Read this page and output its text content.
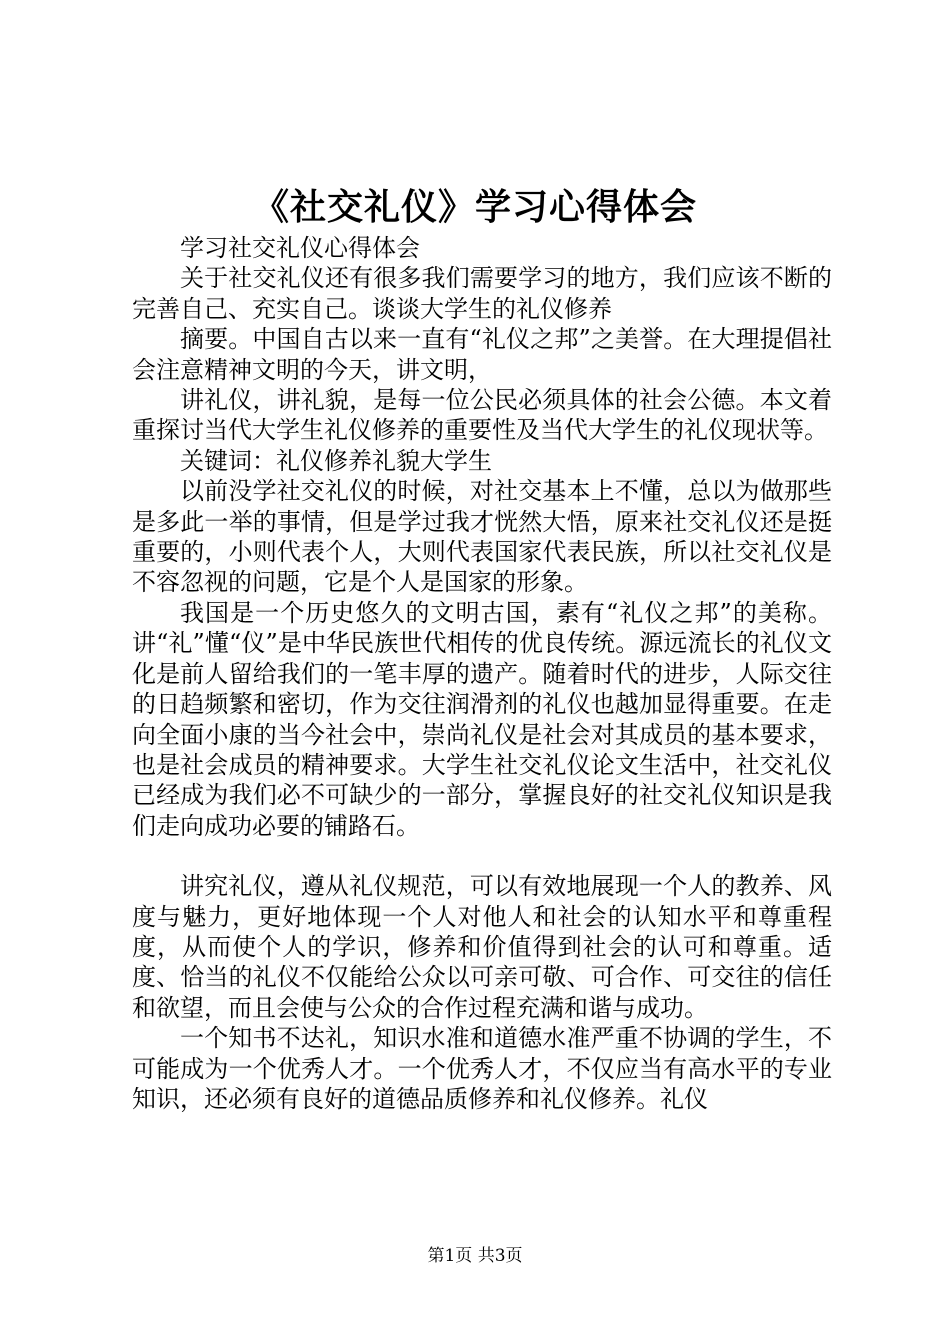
《社交礼仪》学习心得体会

学习社交礼仪心得体会

关于社交礼仪还有很多我们需要学习的地方，我们应该不断的完善自己、充实自己。谈谈大学生的礼仪修养

摘要。中国自古以来一直有“礼仪之邦”之美誉。在大理提倡社会注意精神文明的今天，讲文明，

讲礼仪，讲礼貌，是每一位公民必须具体的社会公德。本文着重探讨当代大学生礼仪修养的重要性及当代大学生的礼仪现状等。

关键词：礼仪修养礼貌大学生

以前没学社交礼仪的时候，对社交基本上不懂，总以为做那些是多此一举的事情，但是学过我才恍然大悟，原来社交礼仪还是挺重要的，小则代表个人，大则代表国家代表民族，所以社交礼仪是不容忽视的问题，它是个人是国家的形象。

我国是一个历史悠久的文明古国，素有“礼仪之邦”的美称。讲“礼”懂“仪”是中华民族世代相传的优良传统。源远流长的礼仪文化是前人留给我们的一笔丰厚的遗产。随着时代的进步，人际交往的日趋频繁和密切，作为交往润滑剂的礼仪也越加显得重要。在走向全面小康的当今社会中，崇尚礼仪是社会对其成员的基本要求，也是社会成员的精神要求。大学生社交礼仪论文生活中，社交礼仪已经成为我们必不可缺少的一部分，掌握良好的社交礼仪知识是我们走向成功必要的铺路石。

讲究礼仪，遵从礼仪规范，可以有效地展现一个人的教养、风度与魅力，更好地体现一个人对他人和社会的认知水平和尊重程度，从而使个人的学识，修养和价值得到社会的认可和尊重。适度、恰当的礼仪不仅能给公众以可亲可敬、可合作、可交往的信任和欲望，而且会使与公众的合作过程充满和谐与成功。

一个知书不达礼，知识水准和道德水准严重不协调的学生，不可能成为一个优秀人才。一个优秀人才，不仅应当有高水平的专业知识，还必须有良好的道德品质修养和礼仪修养。礼仪

第1页 共3页
